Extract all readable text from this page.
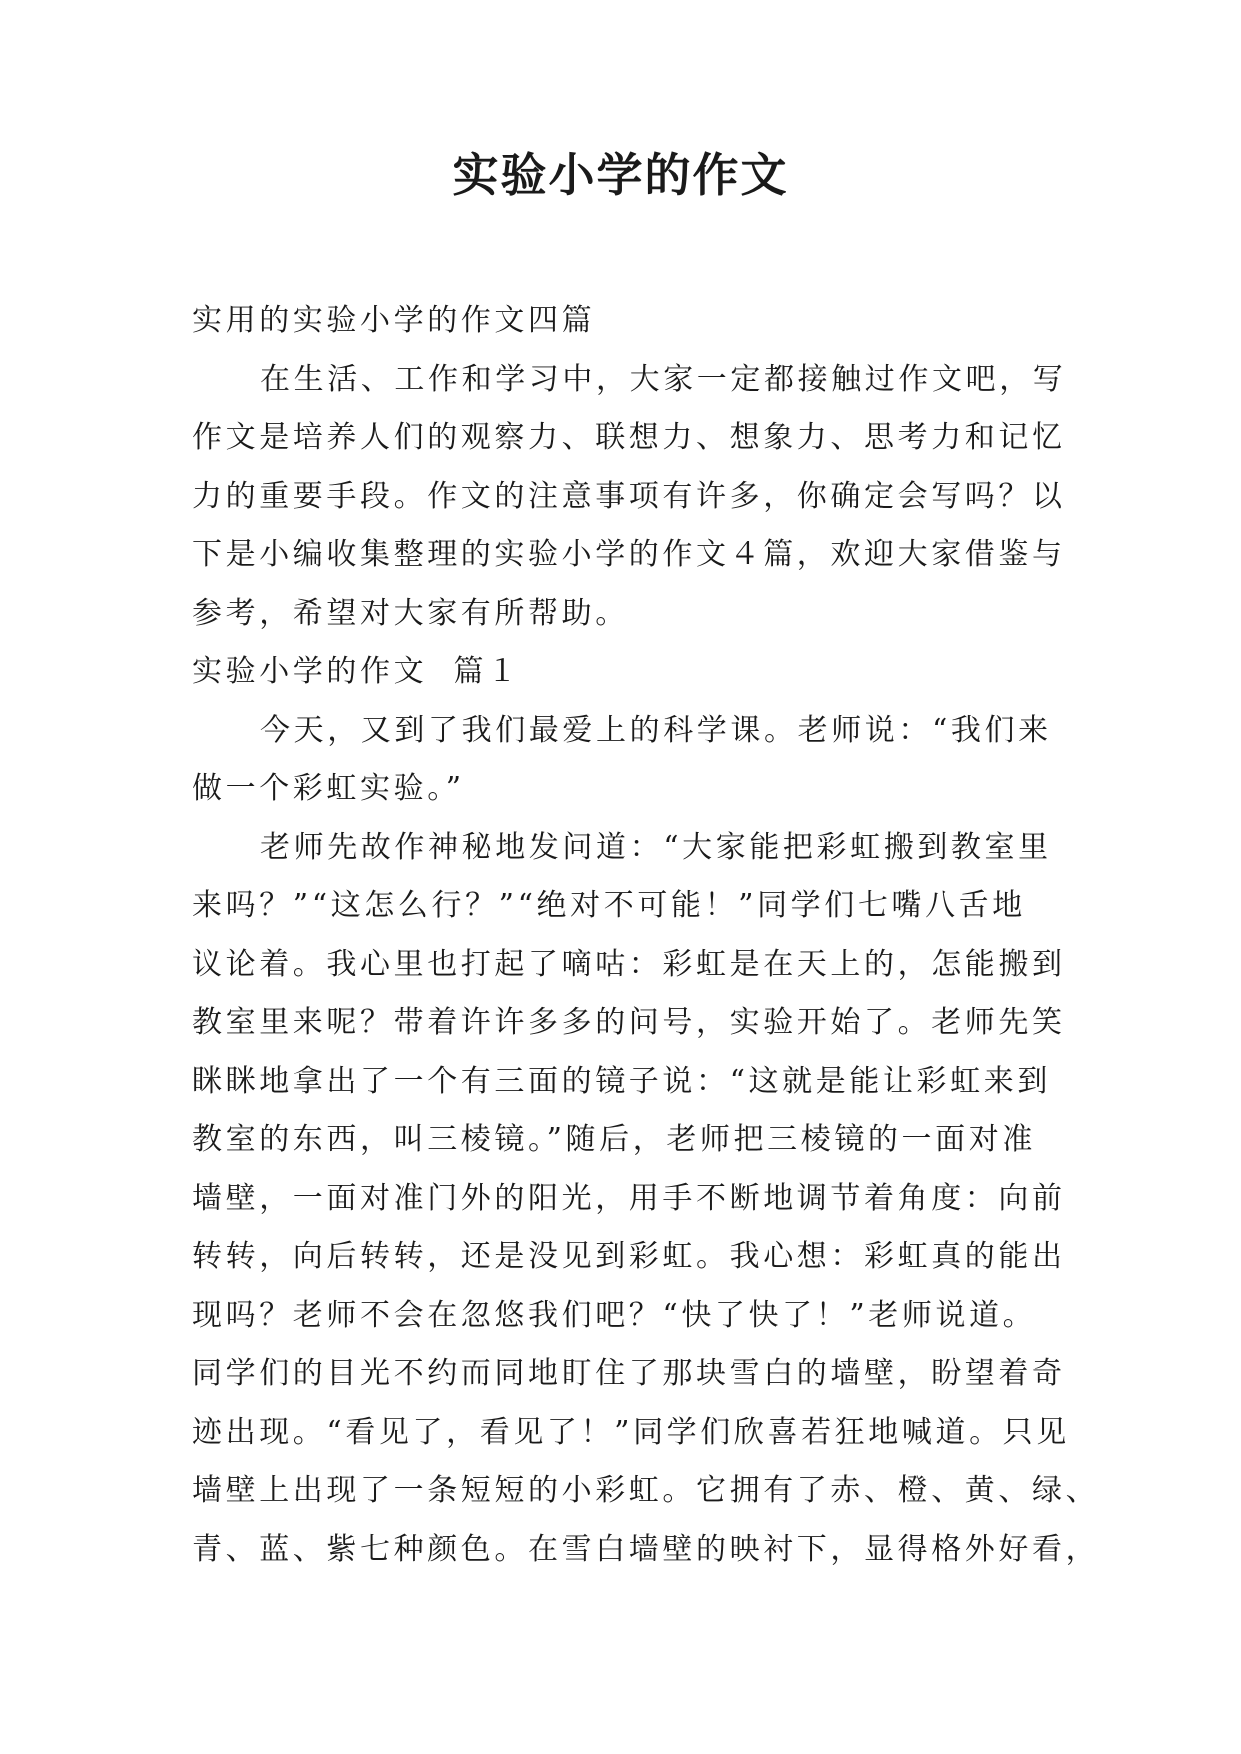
实验小学的作文
实用的实验小学的作文四篇
在生活、工作和学习中，大家一定都接触过作文吧，写
作文是培养人们的观察力、联想力、想象力、思考力和记忆
力的重要手段。作文的注意事项有许多，你确定会写吗？以
下是小编收集整理的实验小学的作文４篇，欢迎大家借鉴与
参考，希望对大家有所帮助。
实验小学的作文  篇１
今天，又到了我们最爱上的科学课。老师说：“我们来
做一个彩虹实验。”
老师先故作神秘地发问道：“大家能把彩虹搬到教室里
来吗？”“这怎么行？”“绝对不可能！”同学们七嘴八舌地
议论着。我心里也打起了嘀咕：彩虹是在天上的，怎能搬到
教室里来呢？带着许许多多的问号，实验开始了。老师先笑
眯眯地拿出了一个有三面的镜子说：“这就是能让彩虹来到
教室的东西，叫三棱镜。”随后，老师把三棱镜的一面对准
墙壁，一面对准门外的阳光，用手不断地调节着角度：向前
转转，向后转转，还是没见到彩虹。我心想：彩虹真的能出
现吗？老师不会在忽悠我们吧？“快了快了！”老师说道。
同学们的目光不约而同地盯住了那块雪白的墙壁，盼望着奇
迹出现。“看见了，看见了！”同学们欣喜若狂地喊道。只见
墙壁上出现了一条短短的小彩虹。它拥有了赤、橙、黄、绿、
青、蓝、紫七种颜色。在雪白墙壁的映衬下，显得格外好看，
